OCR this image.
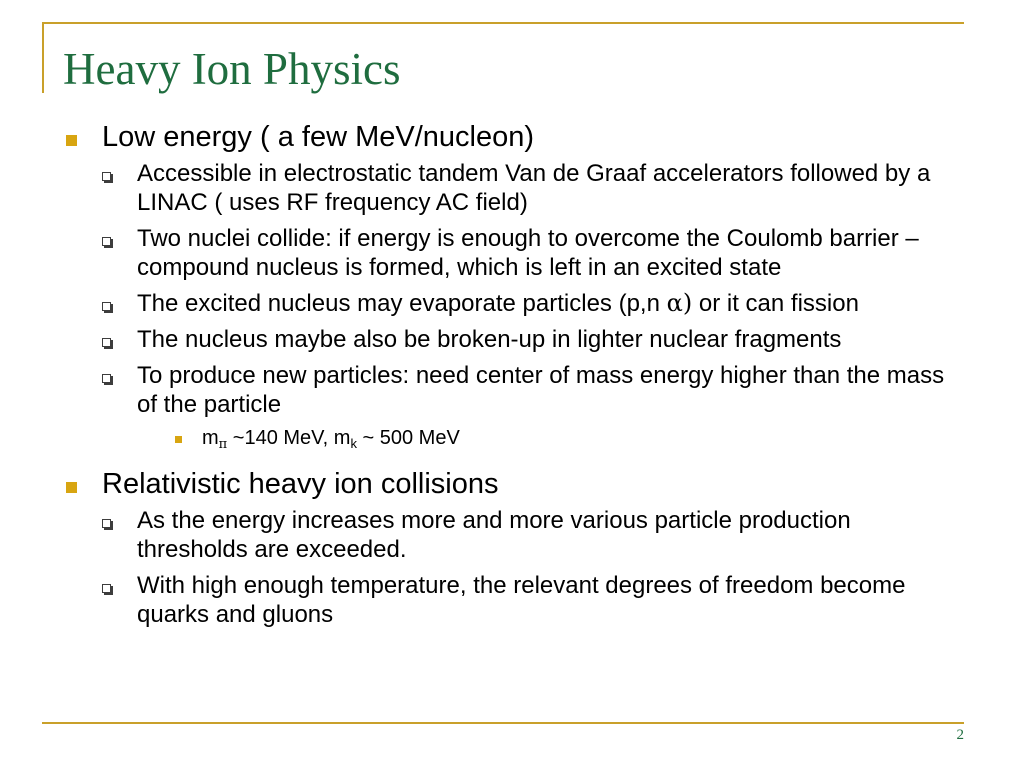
Heavy Ion Physics
Low energy ( a few MeV/nucleon)
Accessible in electrostatic tandem Van de Graaf accelerators followed by a LINAC ( uses RF frequency AC field)
Two nuclei collide: if energy is enough to overcome the Coulomb barrier – compound nucleus is formed, which is left in an excited state
The excited nucleus may evaporate particles (p,n α) or it can fission
The nucleus maybe also be broken-up in lighter nuclear fragments
To produce new particles: need center of mass energy higher than the mass of the particle
$m_\pi$ ~140 MeV, $m_k$ ~ 500 MeV
Relativistic heavy ion collisions
As the energy increases more and more various particle production thresholds are exceeded.
With high enough temperature, the relevant degrees of freedom become quarks and gluons
2
